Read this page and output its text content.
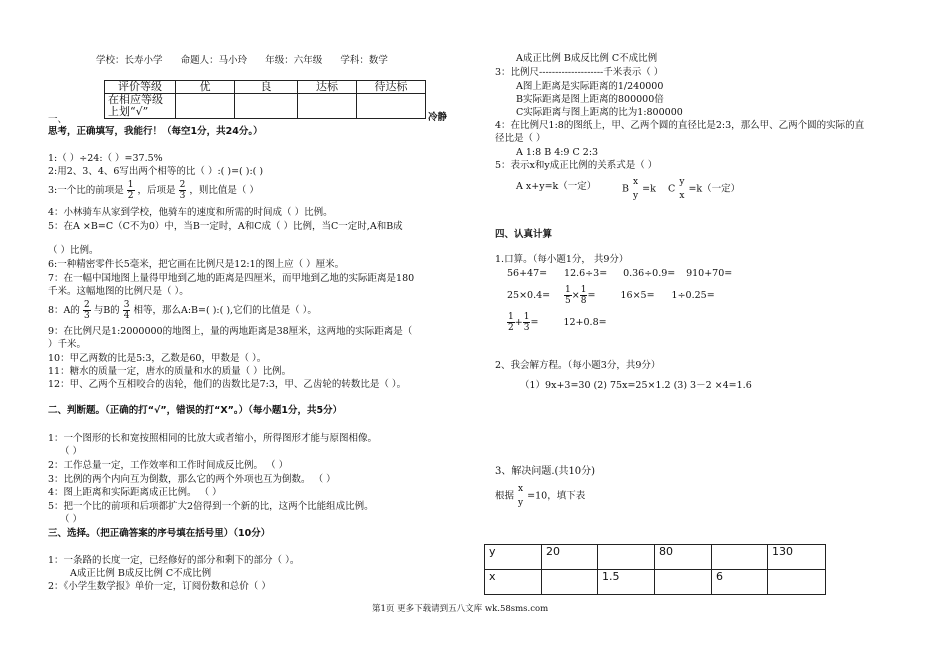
学校：长寿小学 命题人：马小玲 年级：六年级 学科：数学
评价等级	优	良	达标	待达标

在相应等级
上划“√”				

一、	冷静
思考，正确填写，我能行！（每空1分，共24分。）
1:（ ）÷24:（ ）=37.5%
2:用2、3、4、6写出两个相等的比（ ）:( )=( ):( )
3:一个比的前项是 $\frac{1}{2}$ ，后项是 $\frac{2}{3}$ ，则比值是（ ）
4：小林骑车从家到学校，他骑车的速度和所需的时间成（ ）比例。
5：在A ×B=C（C不为0）中，当B一定时，A和C成（ ）比例，当C一定时,A和B成
（ ）比例。
6:一种精密零件长5毫米，把它画在比例尺是12:1的图上应（ ）厘米。
7：在一幅中国地图上量得甲地到乙地的距离是四厘米，而甲地到乙地的实际距离是180
千米。这幅地图的比例尺是（ ）。
8：A的 $\frac{2}{3}$ 与B的 $\frac{3}{4}$ 相等，那么A:B=( ):( ),它们的比值是（ ）。
9：在比例尺是1:2000000的地图上，量的两地距离是38厘米，这两地的实际距离是（
）千米。
10：甲乙两数的比是5:3，乙数是60，甲数是（ ）。
11：糖水的质量一定，唐水的质量和水的质量（ ）比例。
12：甲、乙两个互相咬合的齿轮，他们的齿数比是7:3，甲、乙齿轮的转数比是（ ）。
二、判断题。（正确的打“√”，错误的打“Ⅹ”。）（每小题1分，共5分）
1：一个图形的长和宽按照相同的比放大或者缩小，所得图形才能与原图相像。
（ ）
2：工作总量一定，工作效率和工作时间成反比例。 （ ）
3：比例的两个内向互为倒数，那么它的两个外项也互为倒数。 （ ）
4：图上距离和实际距离成正比例。 （ ）
5：把一个比的前项和后项都扩大2倍得到一个新的比，这两个比能组成比例。
（ ）
三、选择。（把正确答案的序号填在括号里）（10分）
1：一条路的长度一定，已经修好的部分和剩下的部分（ ）。
A成正比例 B成反比例 C不成比例
2：《小学生数学报》单价一定，订阅份数和总价（ ）
A成正比例 B成反比例 C不成比例
3：比例尺--------------------千米表示（ ）
A图上距离是实际距离的1/240000
B实际距离是图上距离的800000倍
C实际距离与图上距离的比为1:800000
4：在比例尺1:8的图纸上，甲、乙两个圆的直径比是2:3，那么甲、乙两个圆的实际的直
径比是（ ）
A 1:8 B 4:9 C 2:3
5：表示x和y成正比例的关系式是（ ）
A x+y=k（一定）	B
x
y
=k C
y
x
=k（一定）
四、认真计算
1.口算。（每小题1分， 共9分）
56+47= 12.6÷3= 0.36÷0.9= 910+70=
$25\times 0.4= \frac{1}{5} \times \frac{1}{8}$ =	16×5= 1÷0.25=
$\frac{1}{2} + \frac{1}{3}$ =	12+0.8=
2、我会解方程。（每小题3分，共9分）
（1）9x+3=30 (2) 75x=25×1.2 (3) 3－2 ×4=1.6
3、解决问题.(共10分)
根据
x
y
=10，填下表
y	20		80		130
x		1.5		6	
第1页 更多下载请到五八文库 wk.58sms.com
